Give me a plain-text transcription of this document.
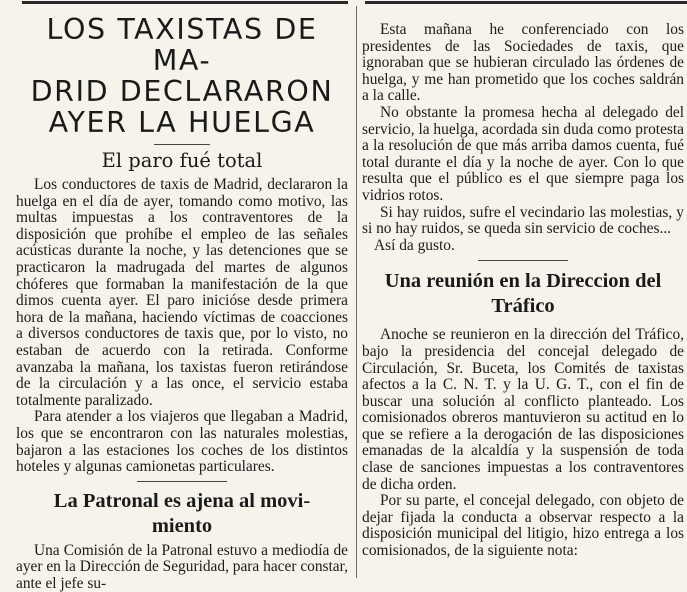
LOS TAXISTAS DE MA-
DRID DECLARARON
AYER LA HUELGA
El paro fué total

Los conductores de taxis de Madrid, declararon la huelga en el día de ayer, tomando como motivo, las multas impuestas a los contraventores de la disposición que prohíbe el empleo de las señales acústicas durante la noche, y las detenciones que se practicaron la madrugada del martes de algunos chóferes que formaban la manifestación de la que dimos cuenta ayer. El paro inicióse desde primera hora de la mañana, haciendo víctimas de coacciones a diversos conductores de taxis que, por lo visto, no estaban de acuerdo con la retirada. Conforme avanzaba la mañana, los taxistas fueron retirándose de la circulación y a las once, el servicio estaba totalmente paralizado.

Para atender a los viajeros que llegaban a Madrid, los que se encontraron con las naturales molestias, bajaron a las estaciones los coches de los distintos hoteles y algunas camionetas particulares.

La Patronal es ajena al movi-
miento

Una Comisión de la Patronal estuvo a mediodía de ayer en la Dirección de Seguridad, para hacer constar, ante el jefe su-

Esta mañana he conferenciado con los presidentes de las Sociedades de taxis, que ignoraban que se hubieran circulado las órdenes de huelga, y me han prometido que los coches saldrán a la calle.

No obstante la promesa hecha al delegado del servicio, la huelga, acordada sin duda como protesta a la resolución de que más arriba damos cuenta, fué total durante el día y la noche de ayer. Con lo que resulta que el público es el que siempre paga los vidrios rotos.

Si hay ruidos, sufre el vecindario las molestias, y si no hay ruidos, se queda sin servicio de coches...

Así da gusto.

Una reunión en la Direccion del
Tráfico

Anoche se reunieron en la dirección del Tráfico, bajo la presidencia del concejal delegado de Circulación, Sr. Buceta, los Comités de taxistas afectos a la C. N. T. y la U. G. T., con el fin de buscar una solución al conflicto planteado. Los comisionados obreros mantuvieron su actitud en lo que se refiere a la derogación de las disposiciones emanadas de la alcaldía y la suspensión de toda clase de sanciones impuestas a los contraventores de dicha orden.

Por su parte, el concejal delegado, con objeto de dejar fijada la conducta a observar respecto a la disposición municipal del litigio, hizo entrega a los comisionados, de la siguiente nota:
